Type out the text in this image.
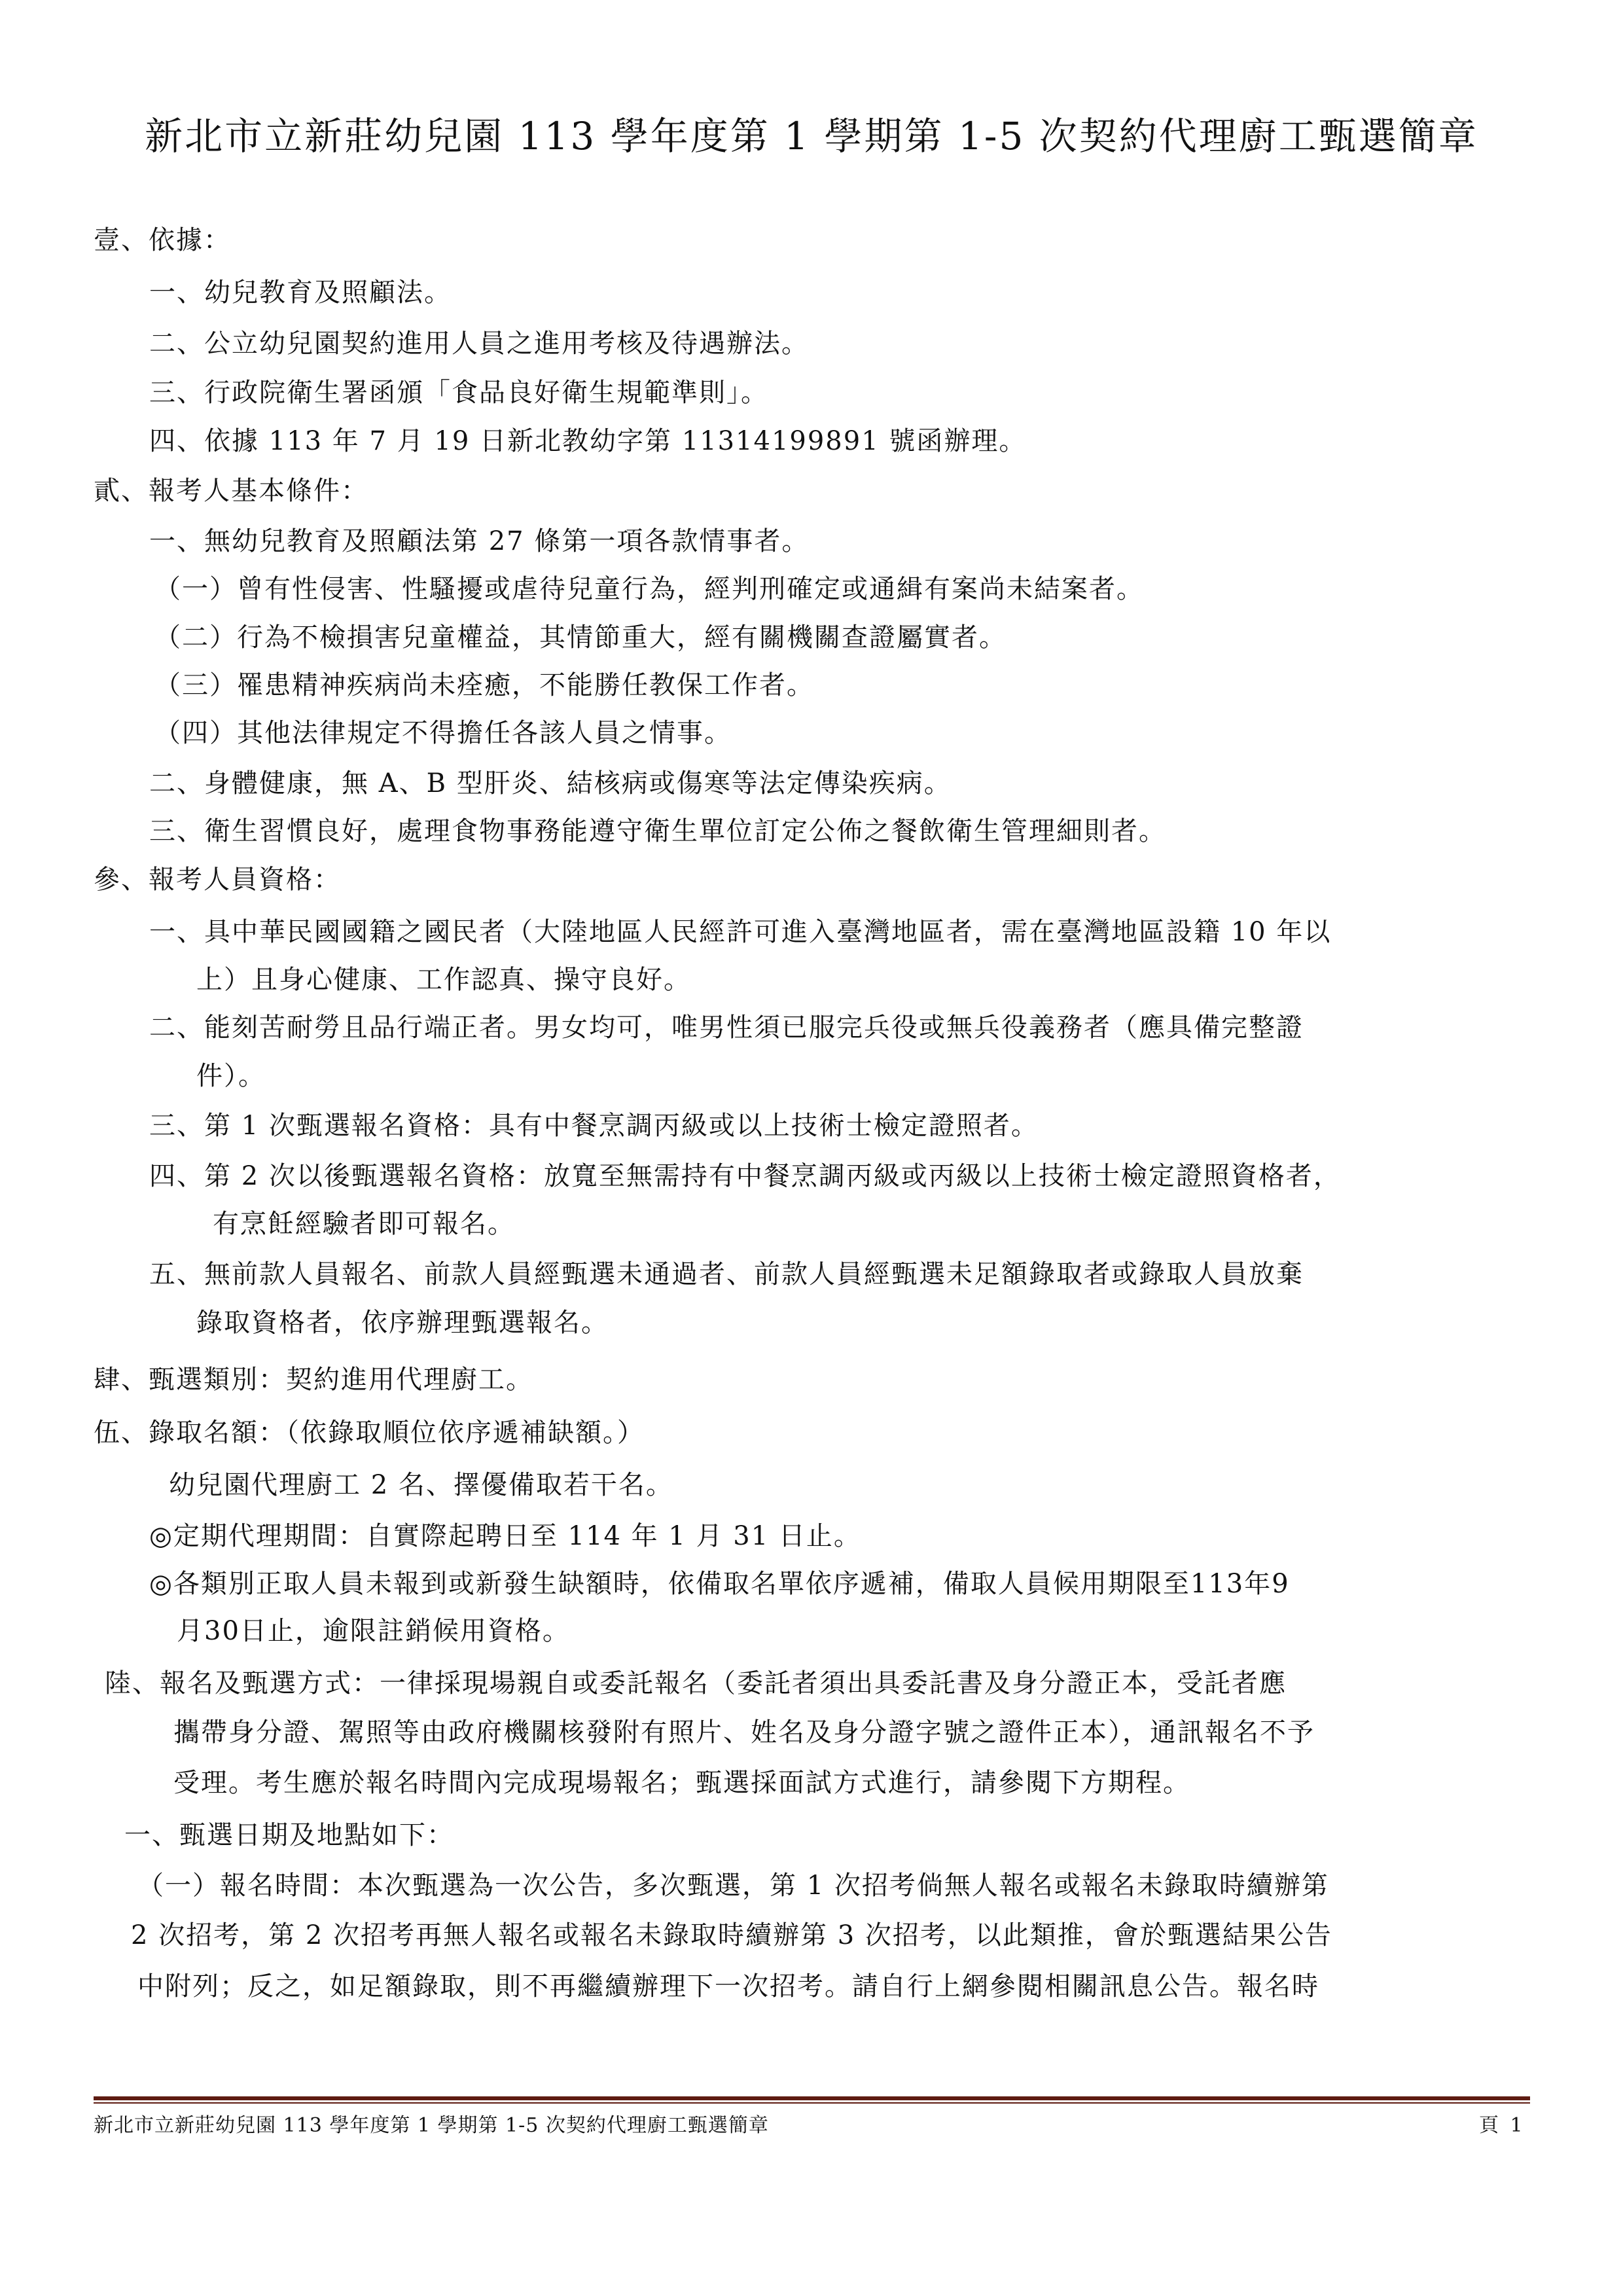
新北市立新莊幼兒園 113 學年度第 1 學期第 1-5 次契約代理廚工甄選簡章
壹、依據：
一、幼兒教育及照顧法。
二、公立幼兒園契約進用人員之進用考核及待遇辦法。
三、行政院衛生署函頒「食品良好衛生規範準則」。
四、依據 113 年 7 月 19 日新北教幼字第 11314199891 號函辦理。
貳、報考人基本條件：
一、無幼兒教育及照顧法第 27 條第一項各款情事者。
（一）曾有性侵害、性騷擾或虐待兒童行為，經判刑確定或通緝有案尚未結案者。
（二）行為不檢損害兒童權益，其情節重大，經有關機關查證屬實者。
（三）罹患精神疾病尚未痊癒，不能勝任教保工作者。
（四）其他法律規定不得擔任各該人員之情事。
二、身體健康，無 A、B 型肝炎、結核病或傷寒等法定傳染疾病。
三、衛生習慣良好，處理食物事務能遵守衛生單位訂定公佈之餐飲衛生管理細則者。
參、報考人員資格：
一、具中華民國國籍之國民者（大陸地區人民經許可進入臺灣地區者，需在臺灣地區設籍 10 年以
上）且身心健康、工作認真、操守良好。
二、能刻苦耐勞且品行端正者。男女均可，唯男性須已服完兵役或無兵役義務者（應具備完整證
件）。
三、第 1 次甄選報名資格：具有中餐烹調丙級或以上技術士檢定證照者。
四、第 2 次以後甄選報名資格：放寬至無需持有中餐烹調丙級或丙級以上技術士檢定證照資格者，
有烹飪經驗者即可報名。
五、無前款人員報名、前款人員經甄選未通過者、前款人員經甄選未足額錄取者或錄取人員放棄
錄取資格者，依序辦理甄選報名。
肆、甄選類別：契約進用代理廚工。
伍、錄取名額：（依錄取順位依序遞補缺額。）
幼兒園代理廚工 2 名、擇優備取若干名。
◎定期代理期間：自實際起聘日至 114 年 1 月 31 日止。
◎各類別正取人員未報到或新發生缺額時，依備取名單依序遞補，備取人員候用期限至113年9
月30日止，逾限註銷候用資格。
陸、報名及甄選方式：一律採現場親自或委託報名（委託者須出具委託書及身分證正本，受託者應
攜帶身分證、駕照等由政府機關核發附有照片、姓名及身分證字號之證件正本），通訊報名不予
受理。考生應於報名時間內完成現場報名；甄選採面試方式進行，請參閱下方期程。
一、甄選日期及地點如下：
（一）報名時間：本次甄選為一次公告，多次甄選，第 1 次招考倘無人報名或報名未錄取時續辦第
2 次招考，第 2 次招考再無人報名或報名未錄取時續辦第 3 次招考，以此類推，會於甄選結果公告
中附列；反之，如足額錄取，則不再繼續辦理下一次招考。請自行上網參閱相關訊息公告。報名時
新北市立新莊幼兒園 113 學年度第 1 學期第 1-5 次契約代理廚工甄選簡章	頁 1
